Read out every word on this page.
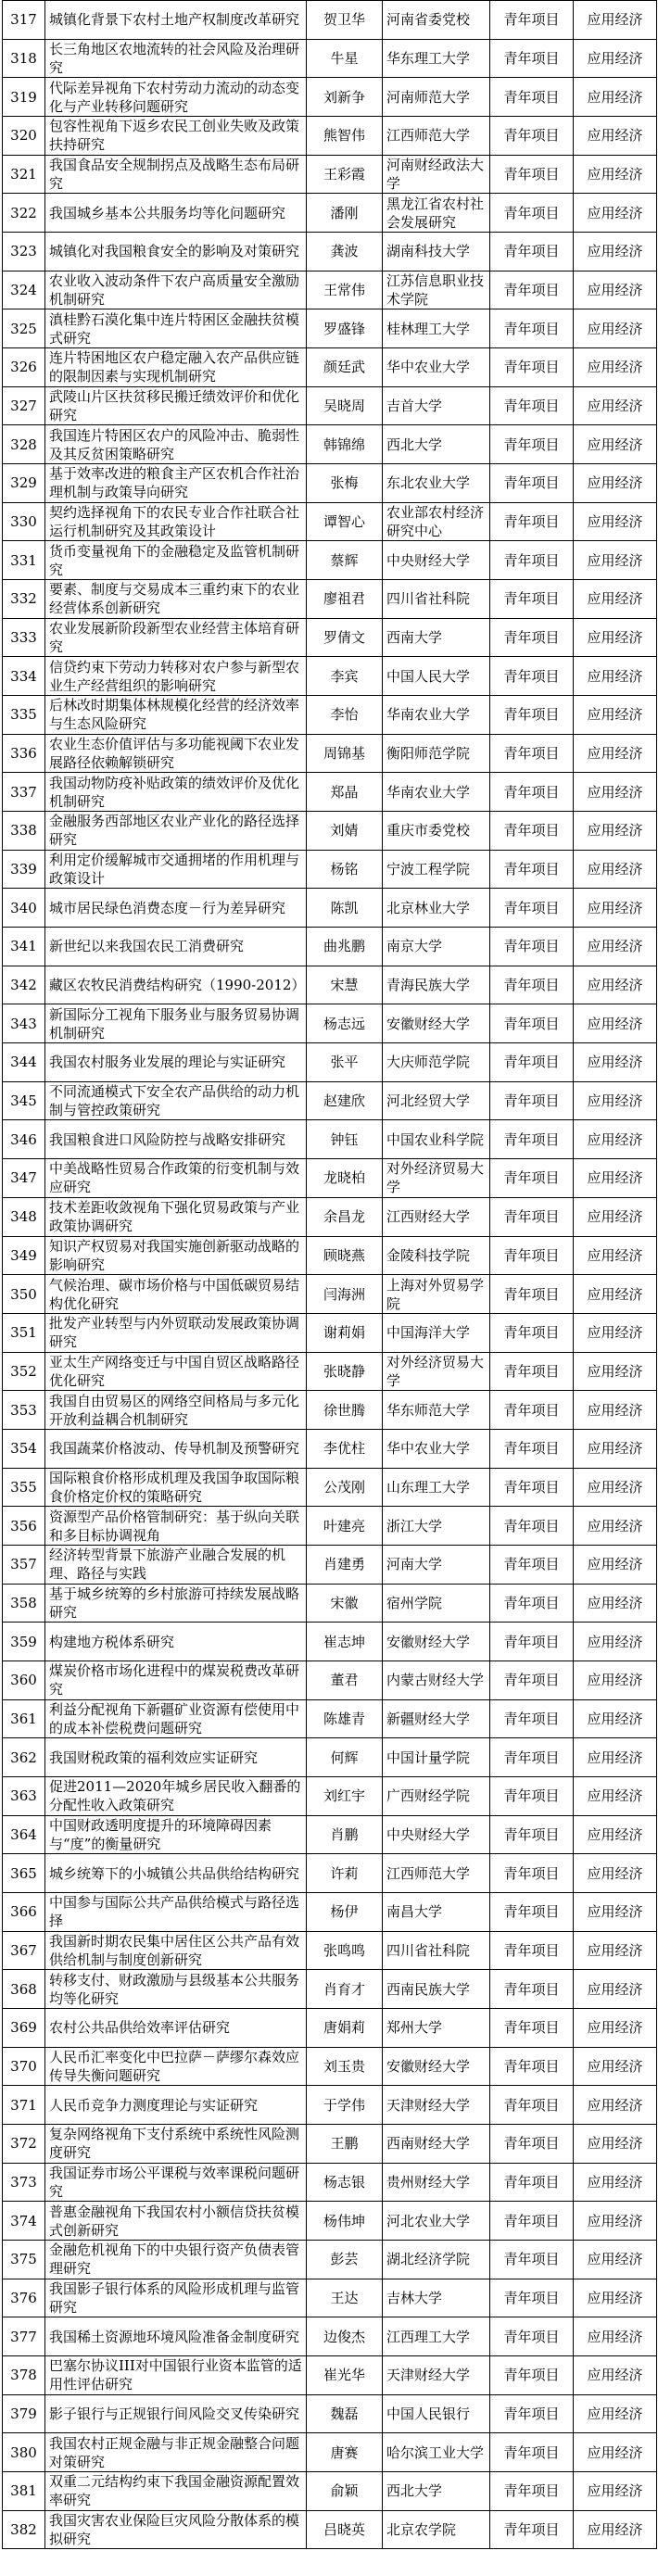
317	城镇化背景下农村土地产权制度改革研究	贺卫华	河南省委党校	青年项目	应用经济
318	长三角地区农地流转的社会风险及治理研究	牛星	华东理工大学	青年项目	应用经济
319	代际差异视角下农村劳动力流动的动态变化与产业转移问题研究	刘新争	河南师范大学	青年项目	应用经济
320	包容性视角下返乡农民工创业失败及政策扶持研究	熊智伟	江西师范大学	青年项目	应用经济
321	我国食品安全规制拐点及战略生态布局研究	王彩霞	河南财经政法大学	青年项目	应用经济
322	我国城乡基本公共服务均等化问题研究	潘刚	黑龙江省农村社会发展研究	青年项目	应用经济
323	城镇化对我国粮食安全的影响及对策研究	龚波	湖南科技大学	青年项目	应用经济
324	农业收入波动条件下农户高质量安全激励机制研究	王常伟	江苏信息职业技术学院	青年项目	应用经济
325	滇桂黔石漠化集中连片特困区金融扶贫模式研究	罗盛锋	桂林理工大学	青年项目	应用经济
326	连片特困地区农户稳定融入农产品供应链的限制因素与实现机制研究	颜廷武	华中农业大学	青年项目	应用经济
327	武陵山片区扶贫移民搬迁绩效评价和优化研究	吴晓周	吉首大学	青年项目	应用经济
328	我国连片特困区农户的风险冲击、脆弱性及其反贫困策略研究	韩锦绵	西北大学	青年项目	应用经济
329	基于效率改进的粮食主产区农机合作社治理机制与政策导向研究	张梅	东北农业大学	青年项目	应用经济
330	契约选择视角下的农民专业合作社联合社运行机制研究及其政策设计	谭智心	农业部农村经济研究中心	青年项目	应用经济
331	货币变量视角下的金融稳定及监管机制研究	蔡辉	中央财经大学	青年项目	应用经济
332	要素、制度与交易成本三重约束下的农业经营体系创新研究	廖祖君	四川省社科院	青年项目	应用经济
333	农业发展新阶段新型农业经营主体培育研究	罗倩文	西南大学	青年项目	应用经济
334	信贷约束下劳动力转移对农户参与新型农业生产经营组织的影响研究	李宾	中国人民大学	青年项目	应用经济
335	后林改时期集体林规模化经营的经济效率与生态风险研究	李怡	华南农业大学	青年项目	应用经济
336	农业生态价值评估与多功能视阈下农业发展路径依赖解锁研究	周锦基	衡阳师范学院	青年项目	应用经济
337	我国动物防疫补贴政策的绩效评价及优化机制研究	郑晶	华南农业大学	青年项目	应用经济
338	金融服务西部地区农业产业化的路径选择研究	刘婧	重庆市委党校	青年项目	应用经济
339	利用定价缓解城市交通拥堵的作用机理与政策设计	杨铭	宁波工程学院	青年项目	应用经济
340	城市居民绿色消费态度－行为差异研究	陈凯	北京林业大学	青年项目	应用经济
341	新世纪以来我国农民工消费研究	曲兆鹏	南京大学	青年项目	应用经济
342	藏区农牧民消费结构研究（1990-2012）	宋慧	青海民族大学	青年项目	应用经济
343	新国际分工视角下服务业与服务贸易协调机制研究	杨志远	安徽财经大学	青年项目	应用经济
344	我国农村服务业发展的理论与实证研究	张平	大庆师范学院	青年项目	应用经济
345	不同流通模式下安全农产品供给的动力机制与管控政策研究	赵建欣	河北经贸大学	青年项目	应用经济
346	我国粮食进口风险防控与战略安排研究	钟钰	中国农业科学院	青年项目	应用经济
347	中美战略性贸易合作政策的衍变机制与效应研究	龙晓柏	对外经济贸易大学	青年项目	应用经济
348	技术差距收敛视角下强化贸易政策与产业政策协调研究	余昌龙	江西财经大学	青年项目	应用经济
349	知识产权贸易对我国实施创新驱动战略的影响研究	顾晓燕	金陵科技学院	青年项目	应用经济
350	气候治理、碳市场价格与中国低碳贸易结构优化研究	闫海洲	上海对外贸易学院	青年项目	应用经济
351	批发产业转型与内外贸联动发展政策协调研究	谢莉娟	中国海洋大学	青年项目	应用经济
352	亚太生产网络变迁与中国自贸区战略路径优化研究	张晓静	对外经济贸易大学	青年项目	应用经济
353	我国自由贸易区的网络空间格局与多元化开放利益耦合机制研究	徐世腾	华东师范大学	青年项目	应用经济
354	我国蔬菜价格波动、传导机制及预警研究	李优柱	华中农业大学	青年项目	应用经济
355	国际粮食价格形成机理及我国争取国际粮食价格定价权的策略研究	公茂刚	山东理工大学	青年项目	应用经济
356	资源型产品价格管制研究：基于纵向关联和多目标协调视角	叶建亮	浙江大学	青年项目	应用经济
357	经济转型背景下旅游产业融合发展的机理、路径与实践	肖建勇	河南大学	青年项目	应用经济
358	基于城乡统筹的乡村旅游可持续发展战略研究	宋徽	宿州学院	青年项目	应用经济
359	构建地方税体系研究	崔志坤	安徽财经大学	青年项目	应用经济
360	煤炭价格市场化进程中的煤炭税费改革研究	董君	内蒙古财经大学	青年项目	应用经济
361	利益分配视角下新疆矿业资源有偿使用中的成本补偿税费问题研究	陈雄青	新疆财经大学	青年项目	应用经济
362	我国财税政策的福利效应实证研究	何辉	中国计量学院	青年项目	应用经济
363	促进2011—2020年城乡居民收入翻番的分配性收入政策研究	刘红宇	广西财经学院	青年项目	应用经济
364	中国财政透明度提升的环境障碍因素与“度”的衡量研究	肖鹏	中央财经大学	青年项目	应用经济
365	城乡统筹下的小城镇公共品供给结构研究	许莉	江西师范大学	青年项目	应用经济
366	中国参与国际公共产品供给模式与路径选择	杨伊	南昌大学	青年项目	应用经济
367	我国新时期农民集中居住区公共产品有效供给机制与制度创新研究	张鸣鸣	四川省社科院	青年项目	应用经济
368	转移支付、财政激励与县级基本公共服务均等化研究	肖育才	西南民族大学	青年项目	应用经济
369	农村公共品供给效率评估研究	唐娟莉	郑州大学	青年项目	应用经济
370	人民币汇率变化中巴拉萨－萨缪尔森效应传导失衡问题研究	刘玉贵	安徽财经大学	青年项目	应用经济
371	人民币竞争力测度理论与实证研究	于学伟	天津财经大学	青年项目	应用经济
372	复杂网络视角下支付系统中系统性风险测度研究	王鹏	西南财经大学	青年项目	应用经济
373	我国证券市场公平课税与效率课税问题研究	杨志银	贵州财经大学	青年项目	应用经济
374	普惠金融视角下我国农村小额信贷扶贫模式创新研究	杨伟坤	河北农业大学	青年项目	应用经济
375	金融危机视角下的中央银行资产负债表管理研究	彭芸	湖北经济学院	青年项目	应用经济
376	我国影子银行体系的风险形成机理与监管研究	王达	吉林大学	青年项目	应用经济
377	我国稀土资源地环境风险准备金制度研究	边俊杰	江西理工大学	青年项目	应用经济
378	巴塞尔协议III对中国银行业资本监管的适用性评估研究	崔光华	天津财经大学	青年项目	应用经济
379	影子银行与正规银行间风险交叉传染研究	魏磊	中国人民银行	青年项目	应用经济
380	我国农村正规金融与非正规金融整合问题对策研究	唐赛	哈尔滨工业大学	青年项目	应用经济
381	双重二元结构约束下我国金融资源配置效率研究	俞颖	西北大学	青年项目	应用经济
382	我国灾害农业保险巨灾风险分散体系的模拟研究	吕晓英	北京农学院	青年项目	应用经济
